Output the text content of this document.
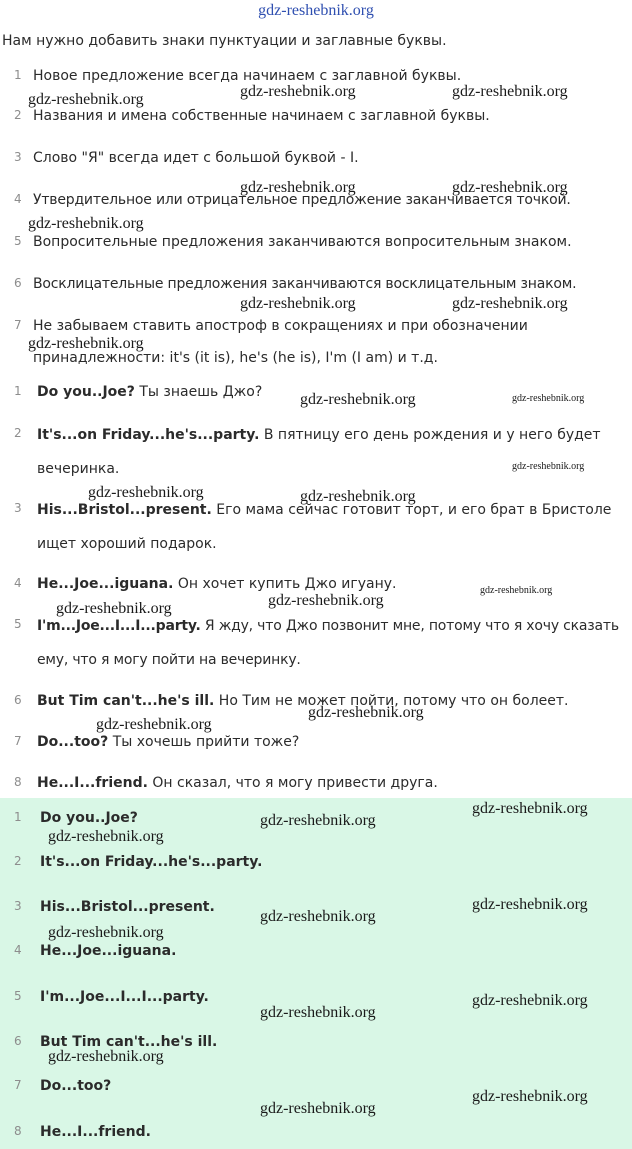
gdz-reshebnik.org
Нам нужно добавить знаки пунктуации и заглавные буквы.
1 Новое предложение всегда начинаем с заглавной буквы.
2 Названия и имена собственные начинаем с заглавной буквы.
3 Слово "Я" всегда идет с большой буквой - I.
4 Утвердительное или отрицательное предложение заканчивается точкой.
5 Вопросительные предложения заканчиваются вопросительным знаком.
6 Восклицательные предложения заканчиваются восклицательным знаком.
7 Не забываем ставить апостроф в сокращениях и при обозначении принадлежности: it's (it is), he's (he is), I'm (I am) и т.д.
1 Do you..Joe? Ты знаешь Джо?
2 It's...on Friday...he's...party. В пятницу его день рождения и у него будет вечеринка.
3 His...Bristol...present. Его мама сейчас готовит торт, и его брат в Бристоле ищет хороший подарок.
4 He...Joe...iguana. Он хочет купить Джо игуану.
5 I'm...Joe...I...I...party. Я жду, что Джо позвонит мне, потому что я хочу сказать ему, что я могу пойти на вечеринку.
6 But Tim can't...he's ill. Но Тим не может пойти, потому что он болеет.
7 Do...too? Ты хочешь прийти тоже?
8 He...I...friend. Он сказал, что я могу привести друга.
1 Do you..Joe?
2 It's...on Friday...he's...party.
3 His...Bristol...present.
4 He...Joe...iguana.
5 I'm...Joe...I...I...party.
6 But Tim can't...he's ill.
7 Do...too?
8 He...I...friend.
gdz-reshebnik.org	gdz-reshebnik.org	gdz-reshebnik.org
gdz-reshebnik.org	gdz-reshebnik.org
gdz-reshebnik.org
gdz-reshebnik.org	gdz-reshebnik.org
gdz-reshebnik.org
gdz-reshebnik.org	gdz-reshebnik.org
gdz-reshebnik.org
gdz-reshebnik.org	gdz-reshebnik.org
gdz-reshebnik.org
gdz-reshebnik.org
gdz-reshebnik.org
gdz-reshebnik.org
gdz-reshebnik.org
gdz-reshebnik.org
gdz-reshebnik.org
gdz-reshebnik.org
gdz-reshebnik.org
gdz-reshebnik.org
gdz-reshebnik.org
gdz-reshebnik.org
gdz-reshebnik.org
gdz-reshebnik.org
gdz-reshebnik.org
gdz-reshebnik.org
